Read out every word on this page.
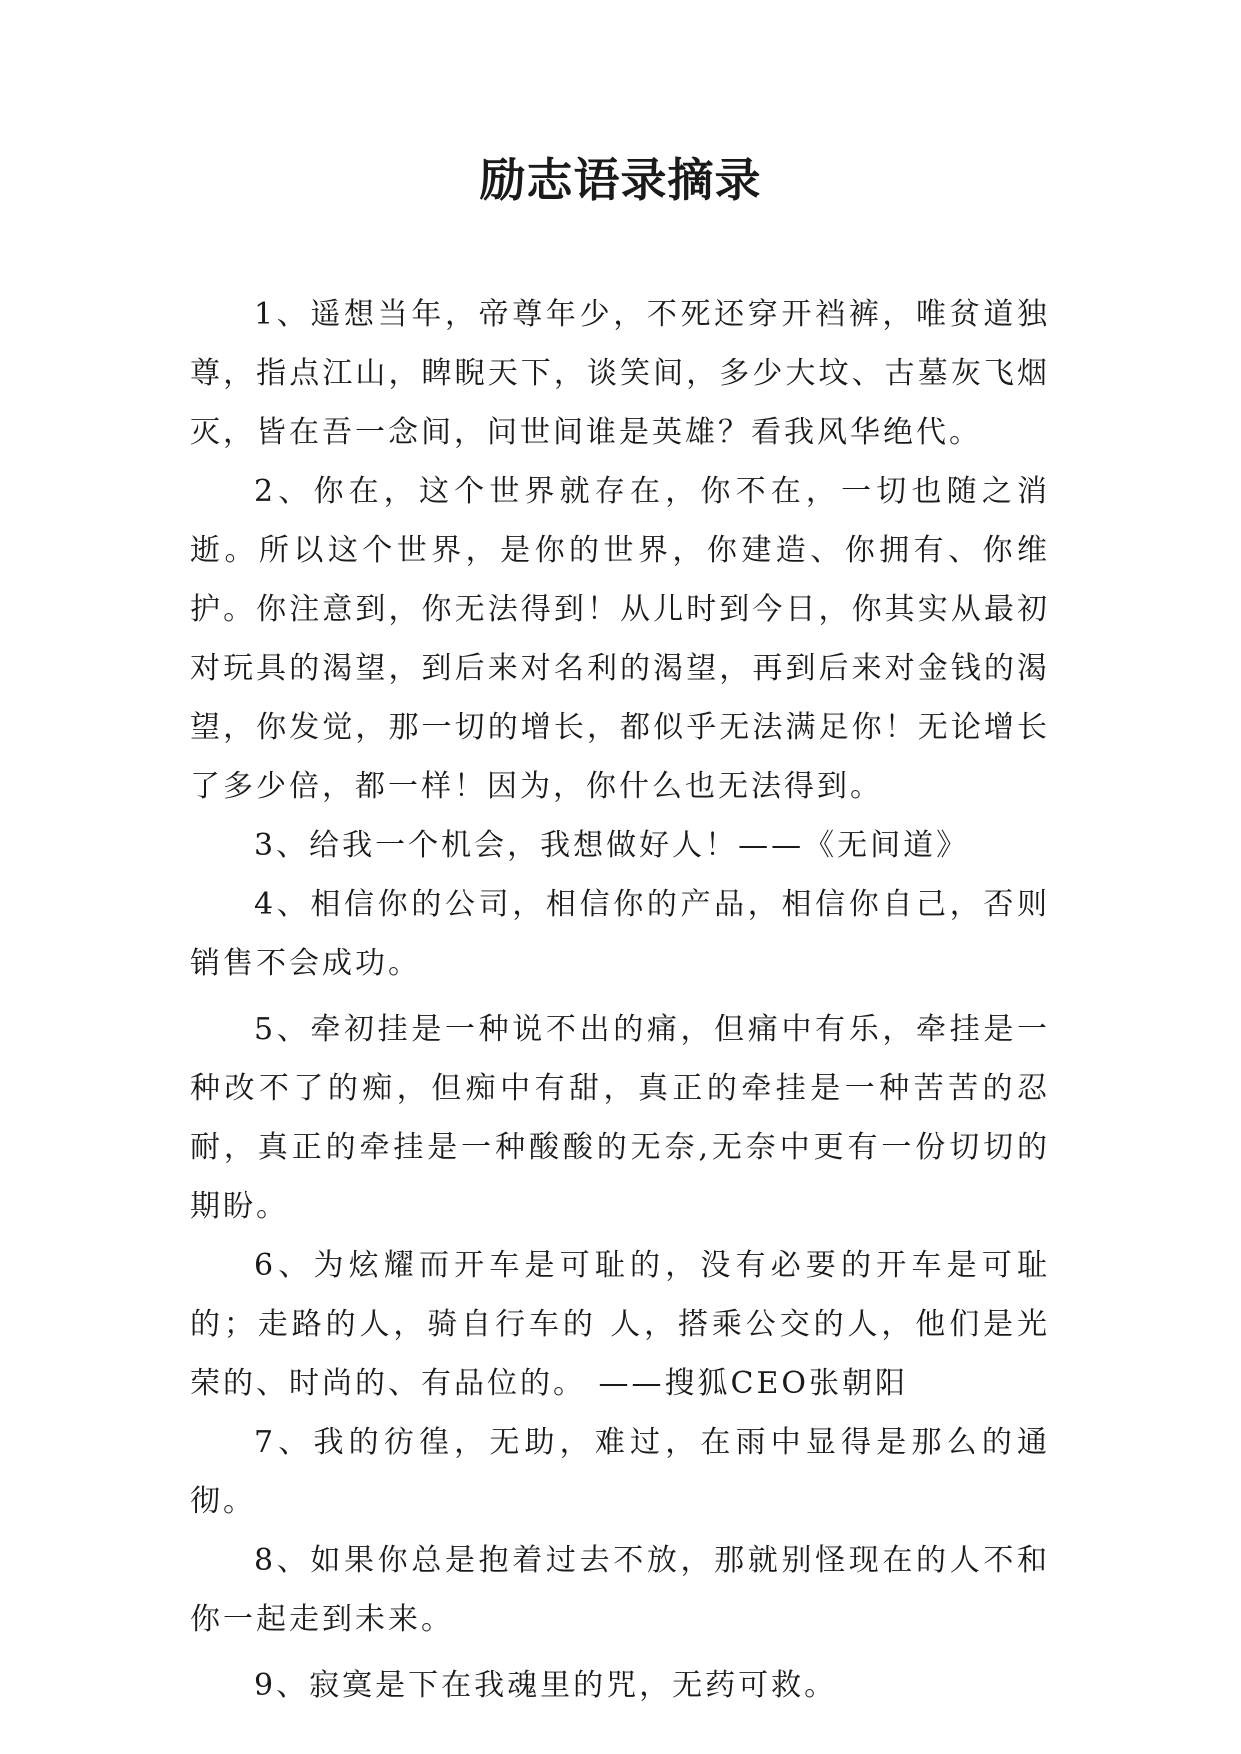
励志语录摘录

1、遥想当年，帝尊年少，不死还穿开裆裤，唯贫道独尊，指点江山，睥睨天下，谈笑间，多少大坟、古墓灰飞烟灭，皆在吾一念间，问世间谁是英雄？看我风华绝代。

2、你在，这个世界就存在，你不在，一切也随之消逝。所以这个世界，是你的世界，你建造、你拥有、你维护。你注意到，你无法得到！从儿时到今日，你其实从最初对玩具的渴望，到后来对名利的渴望，再到后来对金钱的渴望，你发觉，那一切的增长，都似乎无法满足你！无论增长了多少倍，都一样！因为，你什么也无法得到。

3、给我一个机会，我想做好人！——《无间道》

4、相信你的公司，相信你的产品，相信你自己，否则销售不会成功。

5、牵初挂是一种说不出的痛，但痛中有乐，牵挂是一种改不了的痴，但痴中有甜，真正的牵挂是一种苦苦的忍耐，真正的牵挂是一种酸酸的无奈,无奈中更有一份切切的期盼。

6、为炫耀而开车是可耻的，没有必要的开车是可耻的；走路的人，骑自行车的 人，搭乘公交的人，他们是光荣的、时尚的、有品位的。 ——搜狐CEO张朝阳

7、我的彷徨，无助，难过，在雨中显得是那么的通彻。

8、如果你总是抱着过去不放，那就别怪现在的人不和你一起走到未来。

9、寂寞是下在我魂里的咒，无药可救。
